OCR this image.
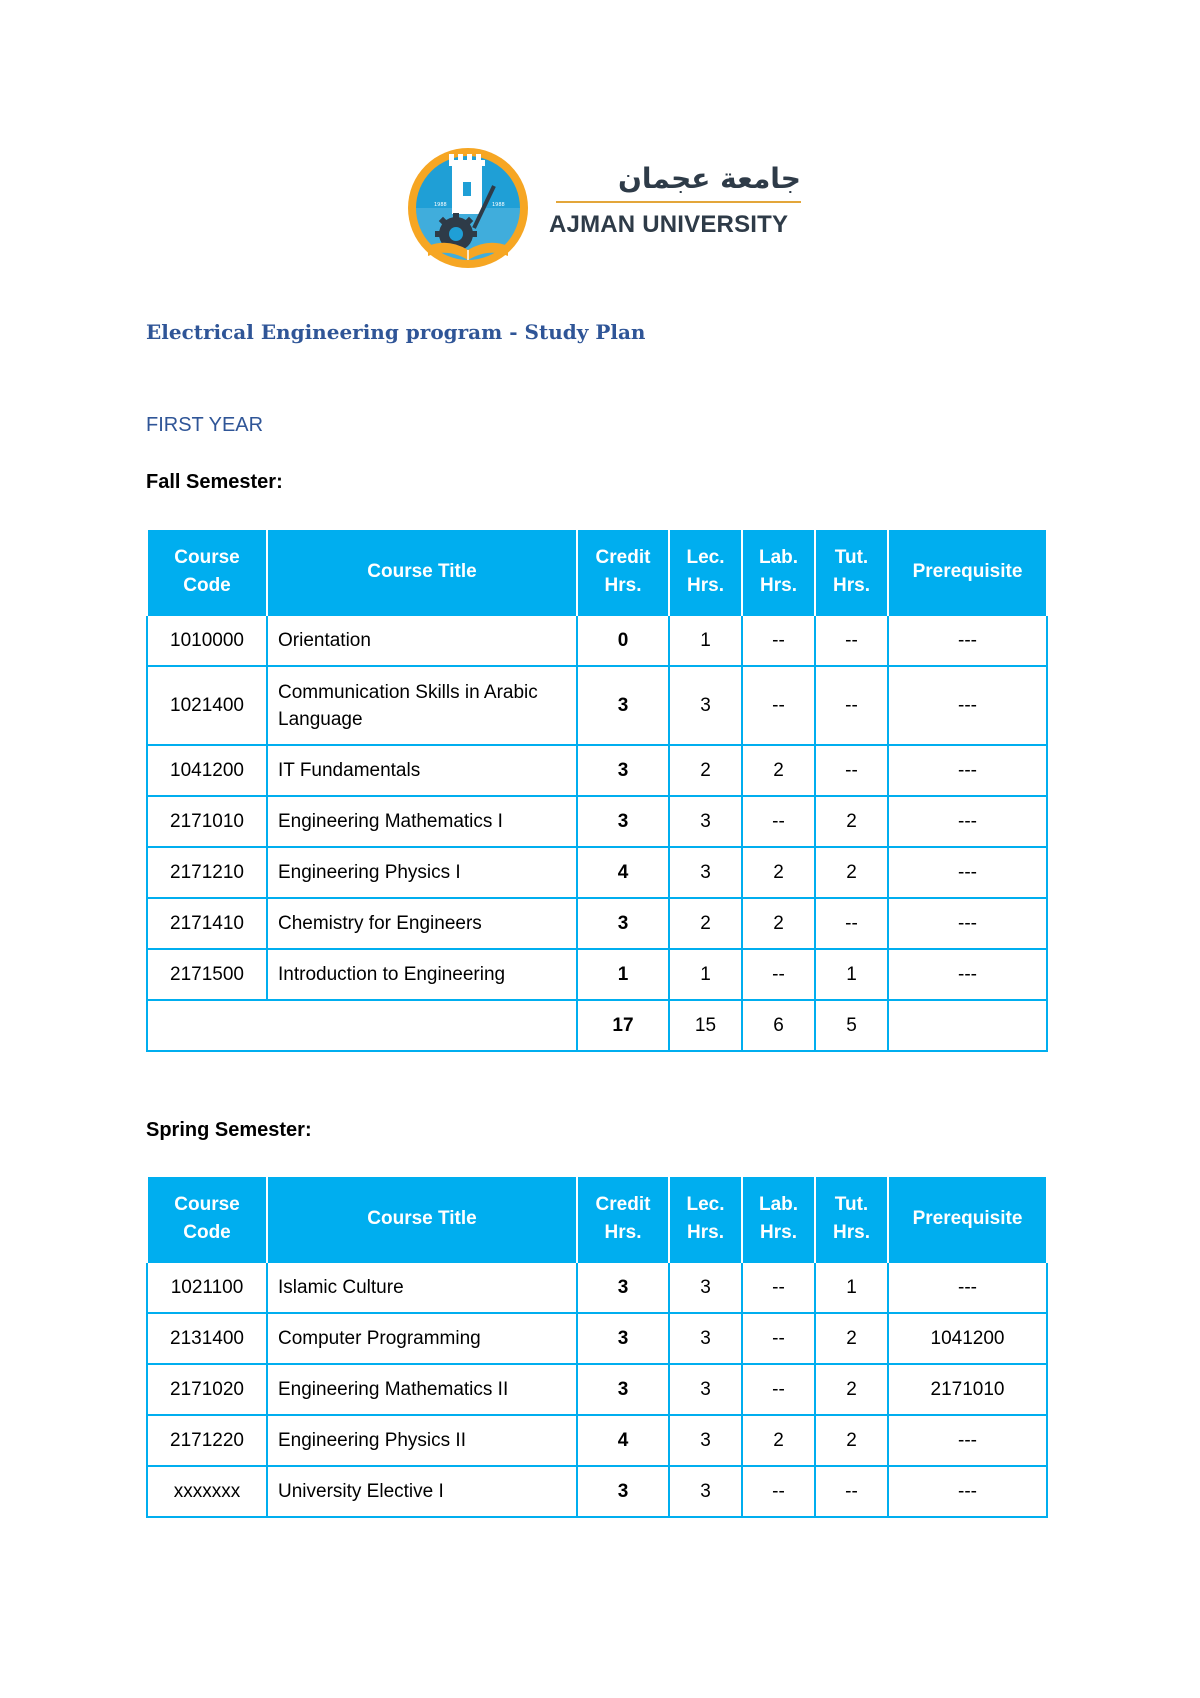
1988	1988
جامعة عجمان
AJMAN UNIVERSITY
Electrical Engineering program - Study Plan
FIRST YEAR
Fall Semester:
Course Code	Course Title	Credit Hrs.	Lec. Hrs.	Lab. Hrs.	Tut. Hrs.	Prerequisite
1010000	Orientation	0	1	--	--	---
1021400	Communication Skills in Arabic Language	3	3	--	--	---
1041200	IT Fundamentals	3	2	2	--	---
2171010	Engineering Mathematics I	3	3	--	2	---
2171210	Engineering Physics I	4	3	2	2	---
2171410	Chemistry for Engineers	3	2	2	--	---
2171500	Introduction to Engineering	1	1	--	1	---
		17	15	6	5	
Spring Semester:
Course Code	Course Title	Credit Hrs.	Lec. Hrs.	Lab. Hrs.	Tut. Hrs.	Prerequisite
1021100	Islamic Culture	3	3	--	1	---
2131400	Computer Programming	3	3	--	2	1041200
2171020	Engineering Mathematics II	3	3	--	2	2171010
2171220	Engineering Physics II	4	3	2	2	---
xxxxxxx	University Elective I	3	3	--	--	---
